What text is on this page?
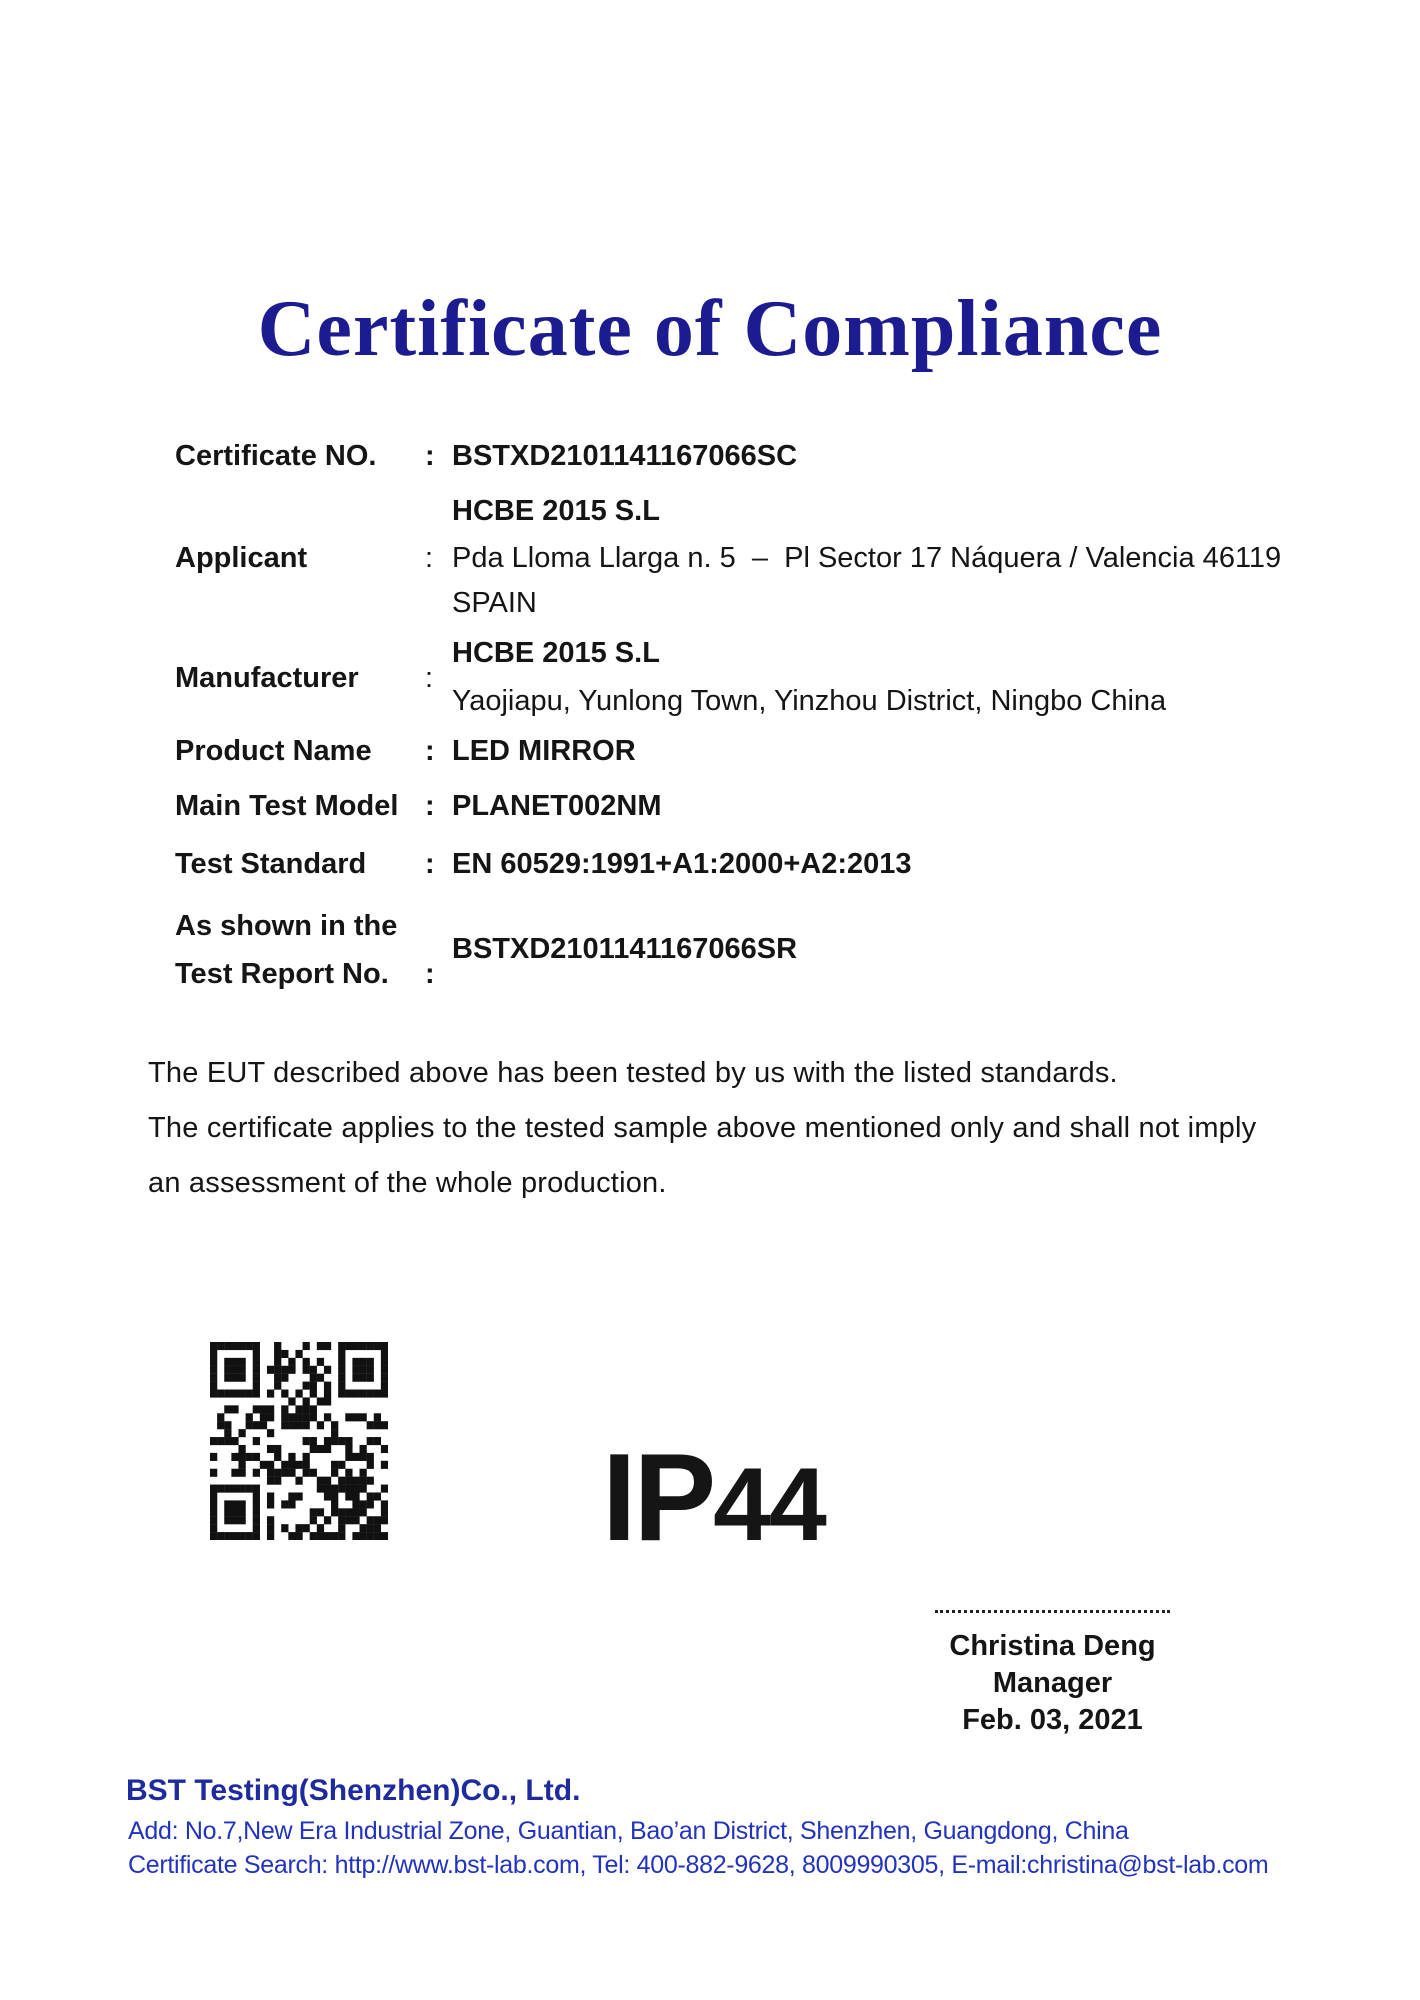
Certificate of Compliance
Certificate NO. : BSTXD2101141167066SC
HCBE 2015 S.L
Applicant	: Pda Lloma Llarga n. 5  –  Pl Sector 17 Náquera / Valencia 46119
SPAIN
HCBE 2015 S.L
Manufacturer :
Yaojiapu, Yunlong Town, Yinzhou District, Ningbo China
Product Name : LED MIRROR
Main Test Model : PLANET002NM
Test Standard : EN 60529:1991+A1:2000+A2:2013
As shown in the
BSTXD2101141167066SR
Test Report No. :
The EUT described above has been tested by us with the listed standards.
The certificate applies to the tested sample above mentioned only and shall not imply
an assessment of the whole production.
IP44
Christina Deng
Manager
Feb. 03, 2021
BST Testing(Shenzhen)Co., Ltd.
Add: No.7,New Era Industrial Zone, Guantian, Bao’an District, Shenzhen, Guangdong, China
Certificate Search: http://www.bst-lab.com, Tel: 400-882-9628, 8009990305, E-mail:christina@bst-lab.com
